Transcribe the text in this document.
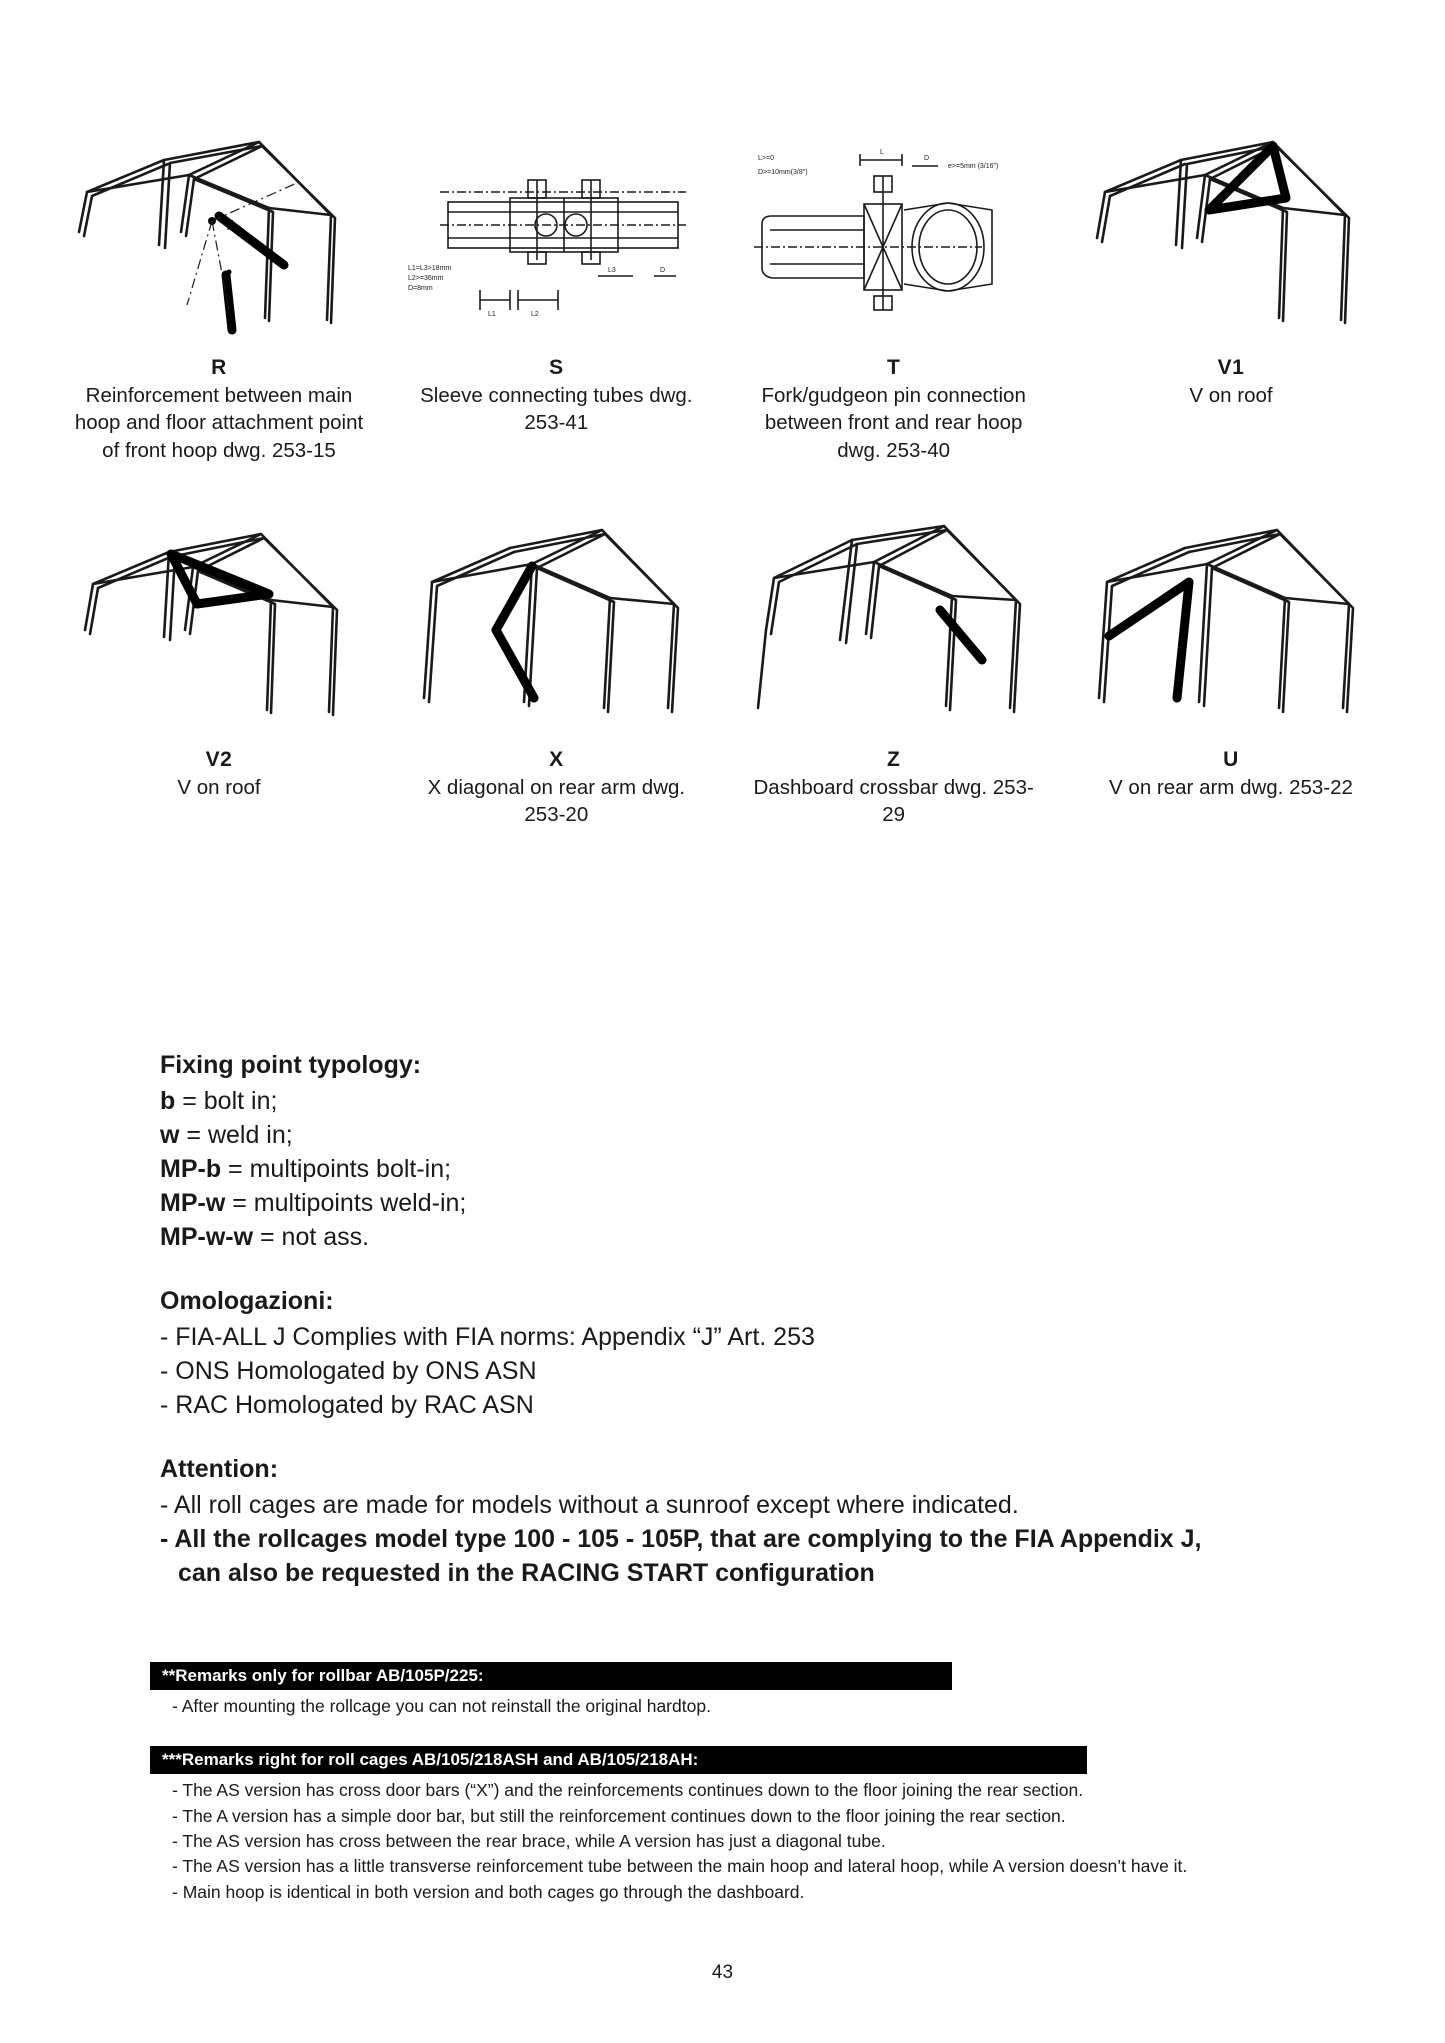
A
R
Reinforcement between main hoop and floor attachment point of front hoop dwg. 253-15
L1=L3>18mm
L2>=36mm
D=8mm
L1	L2
L3	D
S
Sleeve connecting tubes dwg. 253-41
L>=0
D>=10mm(3/8")
L
D
e>=5mm (3/16")
T
Fork/gudgeon pin connection between front and rear hoop dwg. 253-40
V1
V on roof
V2
V on roof
X
X diagonal on rear arm dwg. 253-20
Z
Dashboard crossbar dwg. 253-29
U
V on rear arm dwg. 253-22
Fixing point typology:
b = bolt in;
w = weld in;
MP-b = multipoints bolt-in;
MP-w = multipoints weld-in;
MP-w-w = not ass.
Omologazioni:
- FIA-ALL J Complies with FIA norms: Appendix “J” Art. 253
- ONS Homologated by ONS ASN
- RAC Homologated by RAC ASN
Attention:
- All roll cages are made for models without a sunroof except where indicated.
- All the rollcages model type 100 - 105 - 105P, that are complying to the FIA Appendix J,
can also be requested in the RACING START configuration
**Remarks only for rollbar AB/105P/225:
- After mounting the rollcage you can not reinstall the original hardtop.
***Remarks right for roll cages AB/105/218ASH and AB/105/218AH:
- The AS version has cross door bars (“X”) and the reinforcements continues down to the floor joining the rear section.
- The A version has a simple door bar, but still the reinforcement continues down to the floor joining the rear section.
- The AS version has cross between the rear brace, while A version has just a diagonal tube.
- The AS version has a little transverse reinforcement tube between the main hoop and lateral hoop, while A version doesn’t have it.
- Main hoop is identical in both version and both cages go through the dashboard.
43
